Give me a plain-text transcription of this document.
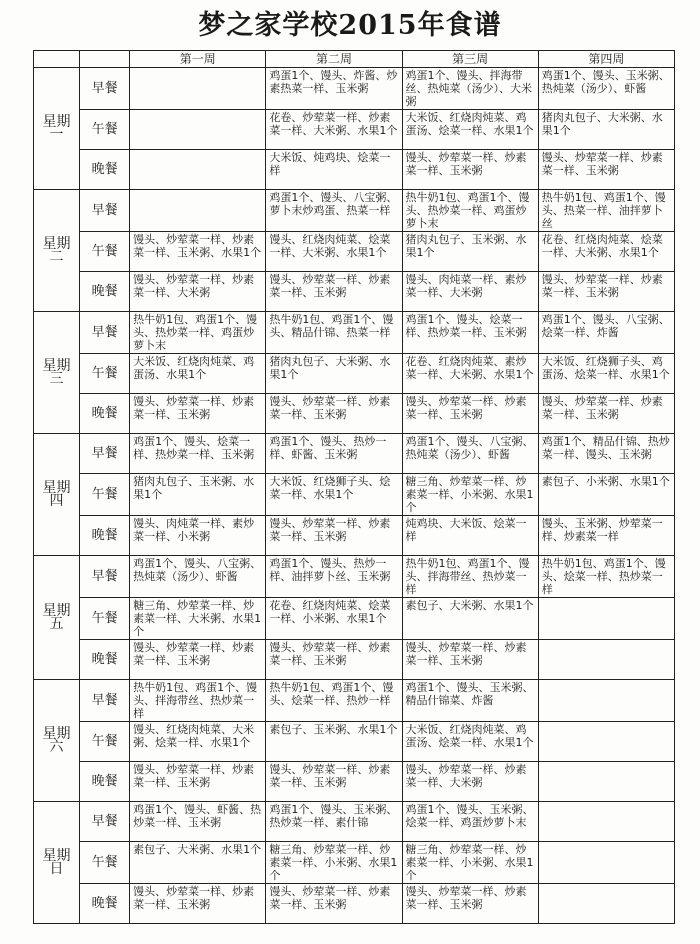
梦之家学校2015年食谱
		第一周	第二周	第三周	第四周
星期一	早餐		鸡蛋1个、馒头、炸酱、炒素热菜一样、玉米粥	鸡蛋1个、馒头、拌海带丝、热炖菜（汤少）、大米粥	鸡蛋1个、馒头、玉米粥、热炖菜（汤少）、虾酱
	午餐		花卷、炒荤菜一样、炒素菜一样、大米粥、水果1个	大米饭、红烧肉炖菜、鸡蛋汤、烩菜一样、水果1个	猪肉丸包子、大米粥、水果1个
	晚餐		大米饭、炖鸡块、烩菜一样	馒头、炒荤菜一样、炒素菜一样、玉米粥	馒头、炒荤菜一样、炒素菜一样、玉米粥
星期二	早餐		鸡蛋1个、馒头、八宝粥、萝卜末炒鸡蛋、热菜一样	热牛奶1包、鸡蛋1个、馒头、热炒菜一样、鸡蛋炒萝卜末	热牛奶1包、鸡蛋1个、馒头、热菜一样、油拌萝卜丝
	午餐	馒头、炒荤菜一样、炒素菜一样、玉米粥、水果1个	馒头、红烧肉炖菜、烩菜一样、大米粥、水果1个	猪肉丸包子、玉米粥、水果1个	花卷、红烧肉炖菜、烩菜一样、大米粥、水果1个
	晚餐	馒头、炒荤菜一样、炒素菜一样、大米粥	馒头、炒荤菜一样、炒素菜一样、玉米粥	馒头、肉炖菜一样、素炒菜一样、大米粥	馒头、炒荤菜一样、炒素菜一样、玉米粥
星期三	早餐	热牛奶1包、鸡蛋1个、馒头、热炒菜一样、鸡蛋炒萝卜末	热牛奶1包、鸡蛋1个、馒头、精品什锦、热菜一样	鸡蛋1个、馒头、烩菜一样、热炒菜一样、玉米粥	鸡蛋1个、馒头、八宝粥、烩菜一样、炸酱
	午餐	大米饭、红烧肉炖菜、鸡蛋汤、水果1个	猪肉丸包子、大米粥、水果1个	花卷、红烧肉炖菜、素炒菜一样、大米粥、水果1个	大米饭、红烧狮子头、鸡蛋汤、烩菜一样、水果1个
	晚餐	馒头、炒荤菜一样、炒素菜一样、玉米粥	馒头、炒荤菜一样、炒素菜一样、玉米粥	馒头、炒荤菜一样、炒素菜一样、玉米粥	馒头、炒荤菜一样、炒素菜一样、玉米粥
星期四	早餐	鸡蛋1个、馒头、烩菜一样、热炒菜一样、玉米粥	鸡蛋1个、馒头、热炒一样、虾酱、玉米粥	鸡蛋1个、馒头、八宝粥、热炖菜（汤少）、虾酱	鸡蛋1个、精品什锦、热炒菜一样、馒头、玉米粥
	午餐	猪肉丸包子、玉米粥、水果1个	大米饭、红烧狮子头、烩菜一样、水果1个	糖三角、炒荤菜一样、炒素菜一样、小米粥、水果1个	素包子、小米粥、水果1个
	晚餐	馒头、肉炖菜一样、素炒菜一样、小米粥	馒头、炒荤菜一样、炒素菜一样、玉米粥	炖鸡块、大米饭、烩菜一样	馒头、玉米粥、炒荤菜一样、炒素菜一样
星期五	早餐	鸡蛋1个、馒头、八宝粥、热炖菜（汤少）、虾酱	鸡蛋1个、馒头、热炒一样、油拌萝卜丝、玉米粥	热牛奶1包、鸡蛋1个、馒头、拌海带丝、热炒菜一样	热牛奶1包、鸡蛋1个、馒头、烩菜一样、热炒菜一样
	午餐	糖三角、炒荤菜一样、炒素菜一样、大米粥、水果1个	花卷、红烧肉炖菜、烩菜一样、小米粥、水果1个	素包子、大米粥、水果1个	
	晚餐	馒头、炒荤菜一样、炒素菜一样、玉米粥	馒头、炒荤菜一样、炒素菜一样、玉米粥	馒头、炒荤菜一样、炒素菜一样、玉米粥	
星期六	早餐	热牛奶1包、鸡蛋1个、馒头、拌海带丝、热炒菜一样	热牛奶1包、鸡蛋1个、馒头、烩菜一样、热炒一样	鸡蛋1个、馒头、玉米粥、精品什锦菜、炸酱	
	午餐	馒头、红烧肉炖菜、大米粥、烩菜一样、水果1个	素包子、玉米粥、水果1个	大米饭、红烧肉炖菜、鸡蛋汤、烩菜一样、水果1个	
	晚餐	馒头、炒荤菜一样、炒素菜一样、玉米粥	馒头、炒荤菜一样、炒素菜一样、玉米粥	馒头、炒荤菜一样、炒素菜一样、大米粥	
星期日	早餐	鸡蛋1个、馒头、虾酱、热炒菜一样、玉米粥	鸡蛋1个、馒头、玉米粥、热炒菜一样、素什锦	鸡蛋1个、馒头、玉米粥、烩菜一样、鸡蛋炒萝卜末	
	午餐	素包子、大米粥、水果1个	糖三角、炒荤菜一样、炒素菜一样、小米粥、水果1个	糖三角、炒荤菜一样、炒素菜一样、小米粥、水果1个	
	晚餐	馒头、炒荤菜一样、炒素菜一样、玉米粥	馒头、炒荤菜一样、炒素菜一样、玉米粥	馒头、炒荤菜一样、炒素菜一样、玉米粥	
